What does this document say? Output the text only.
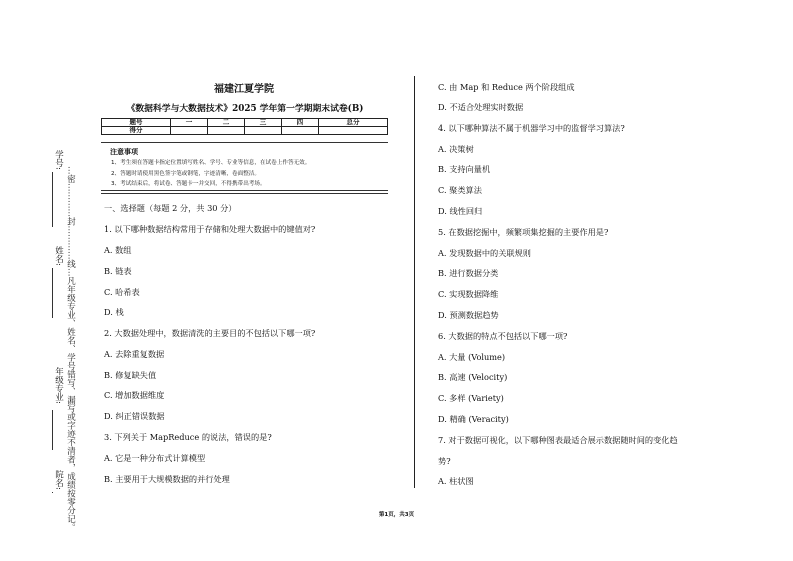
学号:
姓名:
年级专业:
院名: …密…………封…………线…凡年级专业、姓名、学号错写、漏写或字迹不清者，成绩按零分记。
福建江夏学院
《数据科学与大数据技术》2025 学年第一学期期末试卷(B)
题号	一	二	三	四	总分
得分					
注意事项
1、考生须在答题卡指定位置填写姓名、学号、专业等信息，在试卷上作答无效。
2、答题时请使用黑色签字笔或钢笔，字迹清晰，卷面整洁。
3、考试结束后，将试卷、答题卡一并交回，不得携带出考场。
一、选择题（每题 2 分，共 30 分）
1. 以下哪种数据结构常用于存储和处理大数据中的键值对?
A. 数组
B. 链表
C. 哈希表
D. 栈
2. 大数据处理中，数据清洗的主要目的不包括以下哪一项?
A. 去除重复数据
B. 修复缺失值
C. 增加数据维度
D. 纠正错误数据
3. 下列关于 MapReduce 的说法，错误的是?
A. 它是一种分布式计算模型
B. 主要用于大规模数据的并行处理
C. 由 Map 和 Reduce 两个阶段组成
D. 不适合处理实时数据
4. 以下哪种算法不属于机器学习中的监督学习算法?
A. 决策树
B. 支持向量机
C. 聚类算法
D. 线性回归
5. 在数据挖掘中，频繁项集挖掘的主要作用是?
A. 发现数据中的关联规则
B. 进行数据分类
C. 实现数据降维
D. 预测数据趋势
6. 大数据的特点不包括以下哪一项?
A. 大量 (Volume)
B. 高速 (Velocity)
C. 多样 (Variety)
D. 精确 (Veracity)
7. 对于数据可视化，以下哪种图表最适合展示数据随时间的变化趋
势?
A. 柱状图
第1页，共3页
